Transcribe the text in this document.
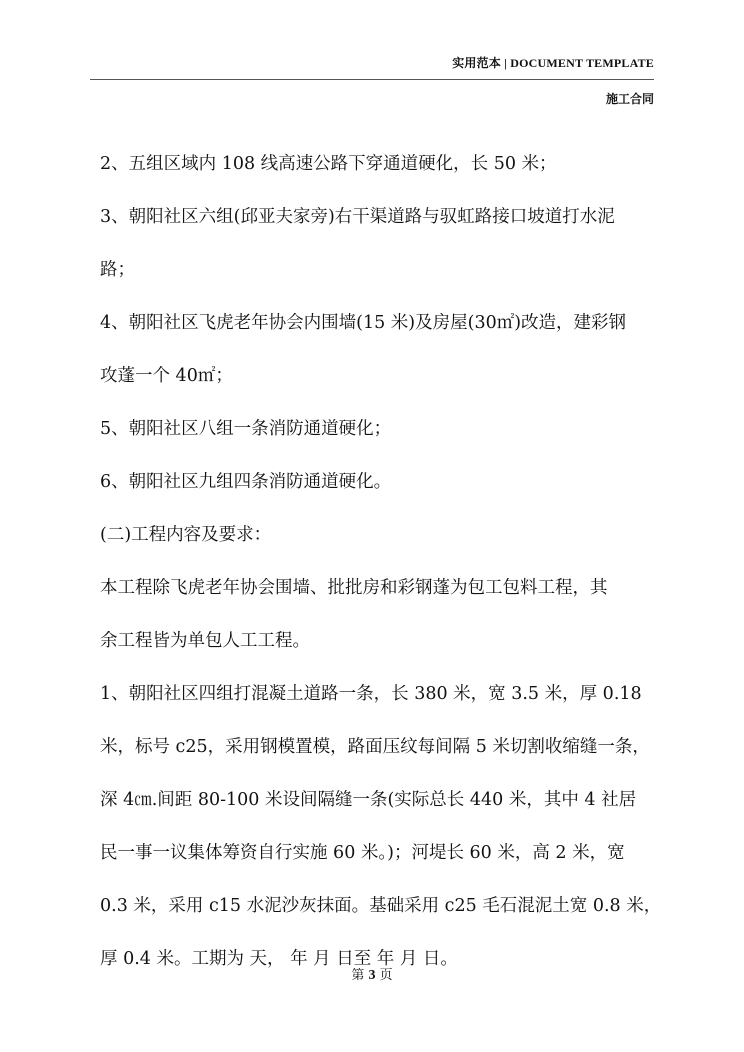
实用范本 | DOCUMENT TEMPLATE
施工合同
2、五组区域内 108 线高速公路下穿通道硬化，长 50 米；
3、朝阳社区六组(邱亚夫家旁)右干渠道路与驭虹路接口坡道打水泥
路；
4、朝阳社区飞虎老年协会内围墙(15 米)及房屋(30㎡)改造，建彩钢
攻蓬一个 40㎡；
5、朝阳社区八组一条消防通道硬化；
6、朝阳社区九组四条消防通道硬化。
(二)工程内容及要求：
本工程除飞虎老年协会围墙、批批房和彩钢蓬为包工包料工程，其
余工程皆为单包人工工程。
1、朝阳社区四组打混凝土道路一条，长 380 米，宽 3.5 米，厚 0.18
米，标号 c25，采用钢模置模，路面压纹每间隔 5 米切割收缩缝一条，
深 4㎝.间距 80-100 米设间隔缝一条(实际总长 440 米，其中 4 社居
民一事一议集体筹资自行实施 60 米。)；河堤长 60 米，高 2 米，宽
0.3 米，采用 c15 水泥沙灰抹面。基础采用 c25 毛石混泥土宽 0.8 米，
厚 0.4 米。工期为 天， 年 月 日至 年 月 日。
第 3 页
